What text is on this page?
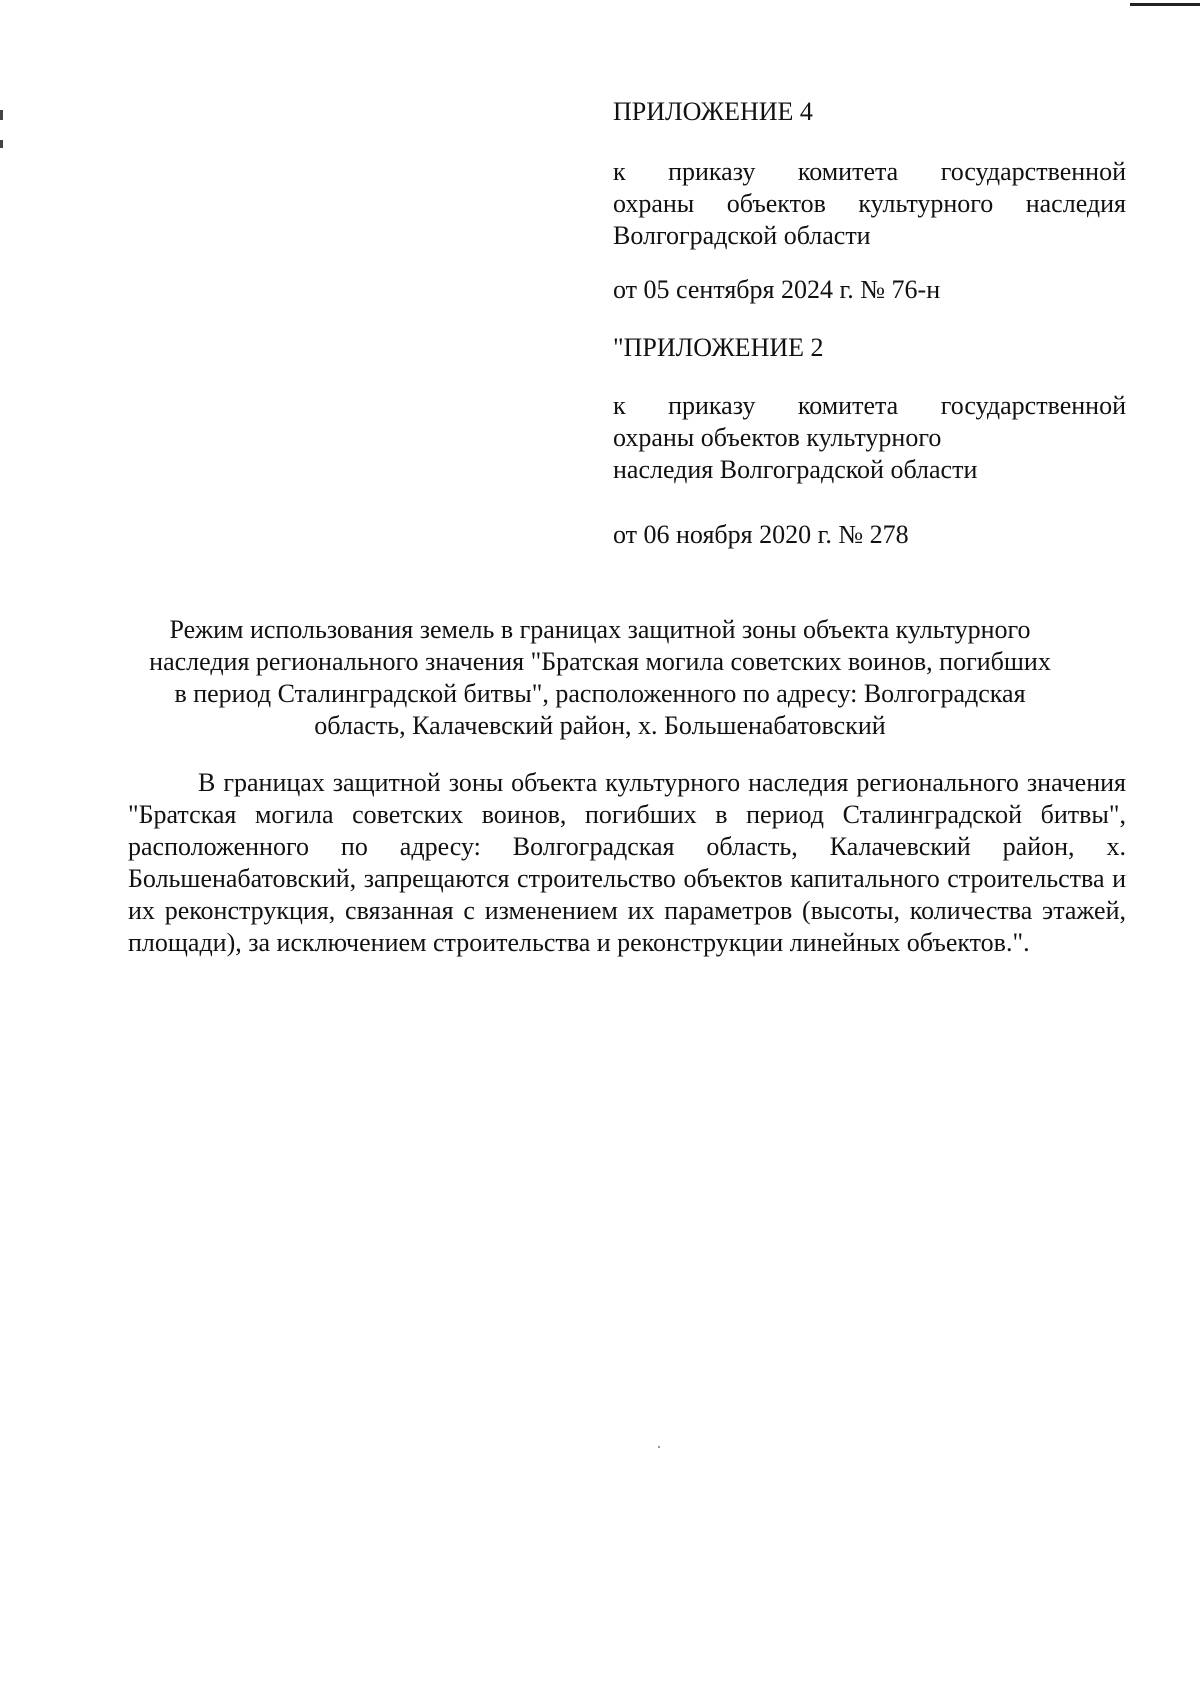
ПРИЛОЖЕНИЕ 4

к приказу комитета государственной

охраны объектов культурного наследия

Волгоградской области

от 05 сентября 2024 г. № 76-н

"ПРИЛОЖЕНИЕ 2

к приказу комитета государственной

охраны объектов культурного

наследия Волгоградской области

от 06 ноября 2020 г. № 278

Режим использования земель в границах защитной зоны объекта культурного
наследия регионального значения "Братская могила советских воинов, погибших
в период Сталинградской битвы", расположенного по адресу: Волгоградская
область, Калачевский район, х. Большенабатовский

В границах защитной зоны объекта культурного наследия регионального значения "Братская могила советских воинов, погибших в период Сталинградской битвы", расположенного по адресу: Волгоградская область, Калачевский район, х. Большенабатовский, запрещаются строительство объектов капитального строительства и их реконструкция, связанная с изменением их параметров (высоты, количества этажей, площади), за исключением строительства и реконструкции линейных объектов.".
